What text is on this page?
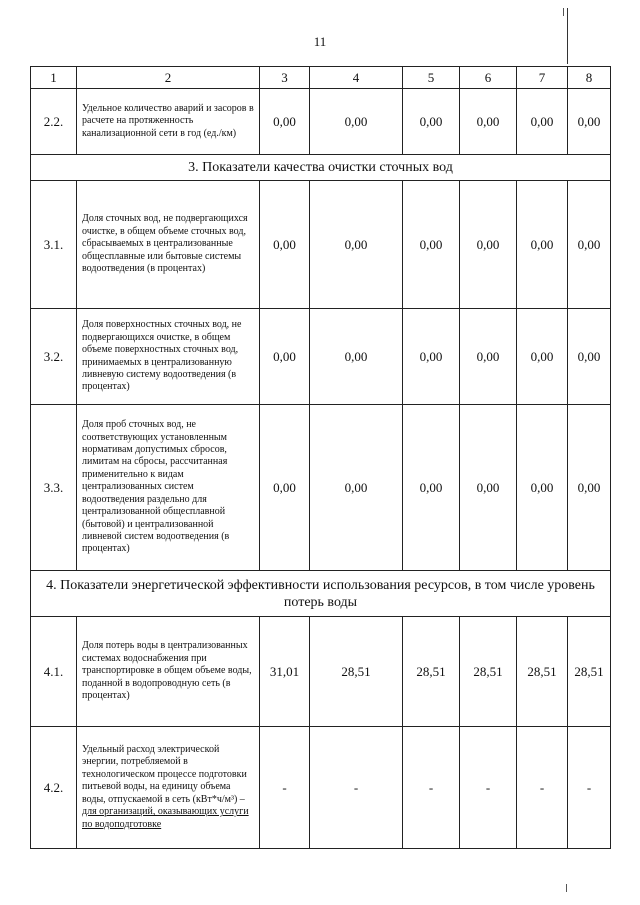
11
1	2	3	4	5	6	7	8
2.2.	Удельное количество аварий и засоров в расчете на протяженность канализационной сети в год (ед./км)	0,00	0,00	0,00	0,00	0,00	0,00
3. Показатели качества очистки сточных вод							
3.1.	Доля сточных вод, не подвергающихся очистке, в общем объеме сточных вод, сбрасываемых в централизованные общесплавные или бытовые системы водоотведения (в процентах)	0,00	0,00	0,00	0,00	0,00	0,00
3.2.	Доля поверхностных сточных вод, не подвергающихся очистке, в общем объеме поверхностных сточных вод, принимаемых в централизованную ливневую систему водоотведения (в процентах)	0,00	0,00	0,00	0,00	0,00	0,00
3.3.	Доля проб сточных вод, не соответствующих установленным нормативам допустимых сбросов, лимитам на сбросы, рассчитанная применительно к видам централизованных систем водоотведения раздельно для централизованной общесплавной (бытовой) и централизованной ливневой систем водоотведения (в процентах)	0,00	0,00	0,00	0,00	0,00	0,00
4. Показатели энергетической эффективности использования ресурсов, в том числе уровень потерь воды							
4.1.	Доля потерь воды в централизованных системах водоснабжения при транспортировке в общем объеме воды, поданной в водопроводную сеть (в процентах)	31,01	28,51	28,51	28,51	28,51	28,51
4.2.	Удельный расход электрической энергии, потребляемой в технологическом процессе подготовки питьевой воды, на единицу объема воды, отпускаемой в сеть (кВт*ч/м³) – для организаций, оказывающих услуги по водоподготовке	-	-	-	-	-	-
